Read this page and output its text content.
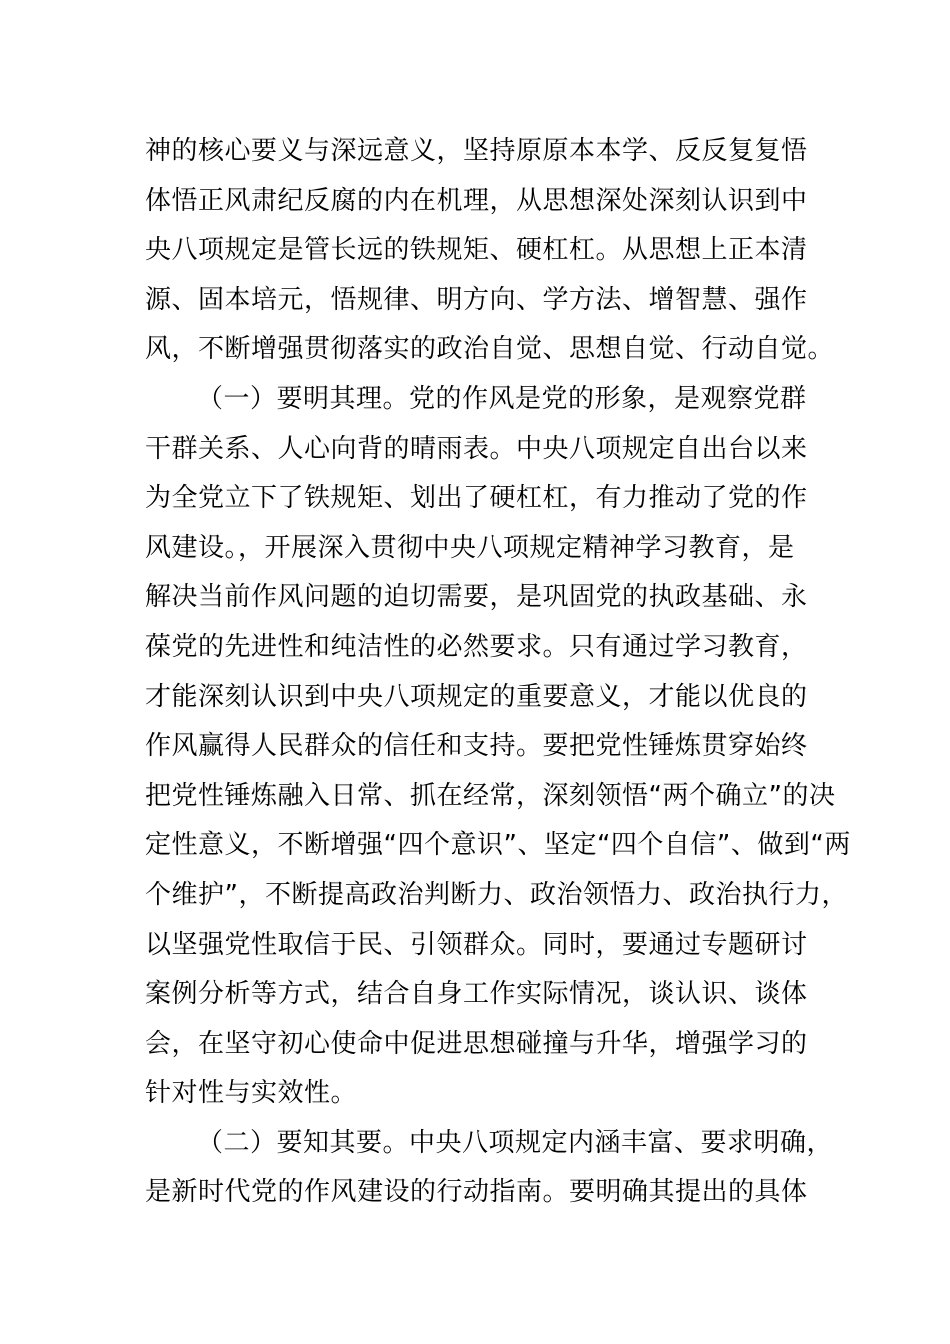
神的核心要义与深远意义，坚持原原本本学、反反复复悟
体悟正风肃纪反腐的内在机理，从思想深处深刻认识到中
央八项规定是管长远的铁规矩、硬杠杠。从思想上正本清
源、固本培元，悟规律、明方向、学方法、增智慧、强作
风，不断增强贯彻落实的政治自觉、思想自觉、行动自觉。
（一）要明其理。党的作风是党的形象，是观察党群
干群关系、人心向背的晴雨表。中央八项规定自出台以来
为全党立下了铁规矩、划出了硬杠杠，有力推动了党的作
风建设。，开展深入贯彻中央八项规定精神学习教育，是
解决当前作风问题的迫切需要，是巩固党的执政基础、永
葆党的先进性和纯洁性的必然要求。只有通过学习教育，
才能深刻认识到中央八项规定的重要意义，才能以优良的
作风赢得人民群众的信任和支持。要把党性锤炼贯穿始终
把党性锤炼融入日常、抓在经常，深刻领悟“两个确立”的决
定性意义，不断增强“四个意识”、坚定“四个自信”、做到“两
个维护”，不断提高政治判断力、政治领悟力、政治执行力，
以坚强党性取信于民、引领群众。同时，要通过专题研讨
案例分析等方式，结合自身工作实际情况，谈认识、谈体
会，在坚守初心使命中促进思想碰撞与升华，增强学习的
针对性与实效性。
（二）要知其要。中央八项规定内涵丰富、要求明确，
是新时代党的作风建设的行动指南。要明确其提出的具体
